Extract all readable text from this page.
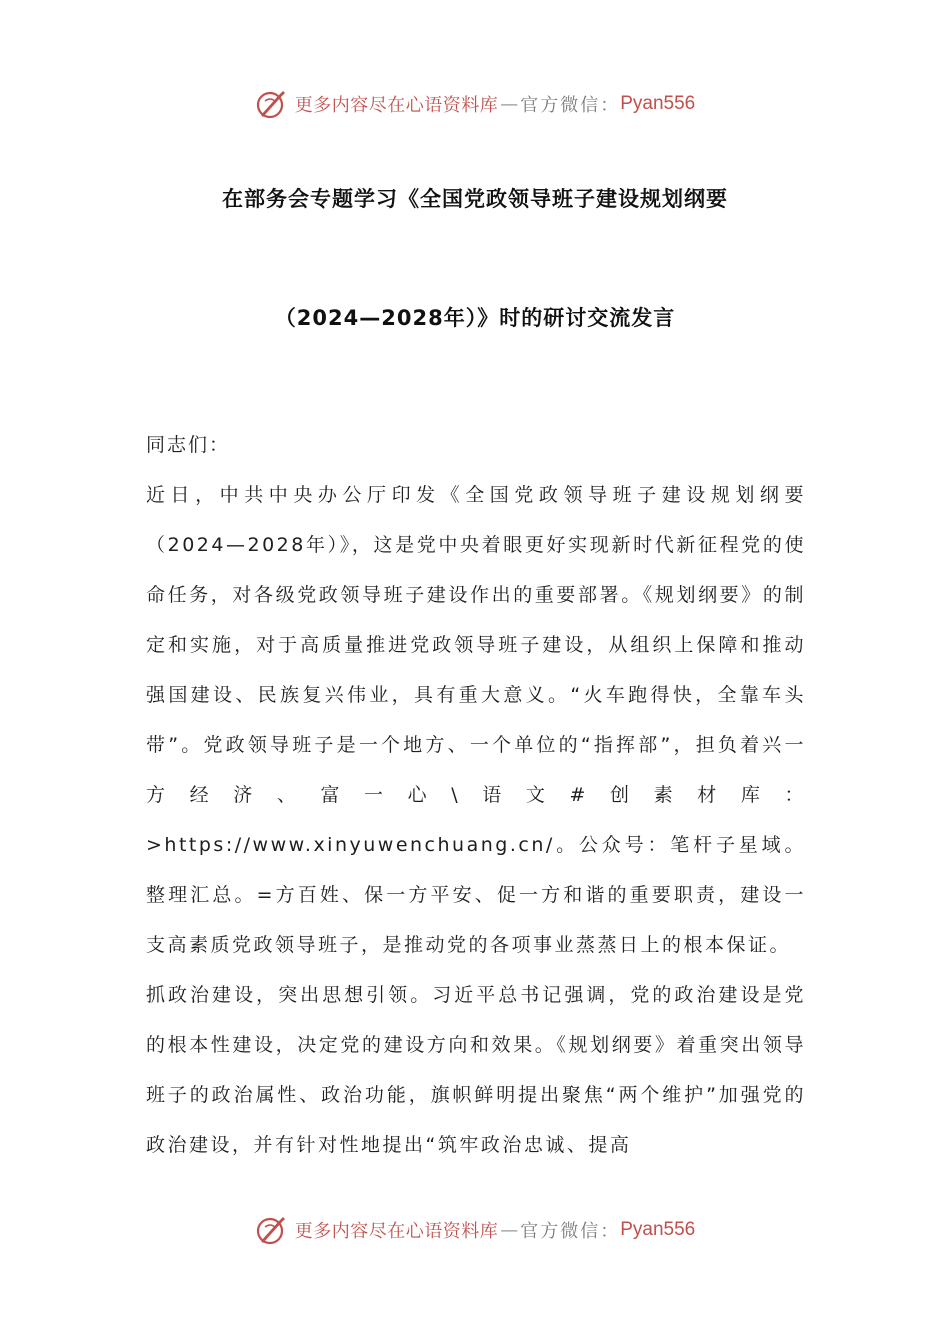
更多内容尽在心语资料库 — 官方微信： Pyan556
在部务会专题学习《全国党政领导班子建设规划纲要
（2024—2028年）》时的研讨交流发言

同志们：

近日，中共中央办公厅印发《全国党政领导班子建设规划纲要（2024—2028年）》，这是党中央着眼更好实现新时代新征程党的使命任务，对各级党政领导班子建设作出的重要部署。《规划纲要》的制定和实施，对于高质量推进党政领导班子建设，从组织上保障和推动强国建设、民族复兴伟业，具有重大意义。“火车跑得快，全靠车头带”。党政领导班子是一个地方、一个单位的“指挥部”，担负着兴一方经济、富一心\语文#创素材库：>https://www.xinyuwenchuang.cn/。公众号：笔杆子星域。整理汇总。=方百姓、保一方平安、促一方和谐的重要职责，建设一支高素质党政领导班子，是推动党的各项事业蒸蒸日上的根本保证。

抓政治建设，突出思想引领。习近平总书记强调，党的政治建设是党的根本性建设，决定党的建设方向和效果。《规划纲要》着重突出领导班子的政治属性、政治功能，旗帜鲜明提出聚焦“两个维护”加强党的政治建设，并有针对性地提出“筑牢政治忠诚、提高

更多内容尽在心语资料库 — 官方微信： Pyan556
